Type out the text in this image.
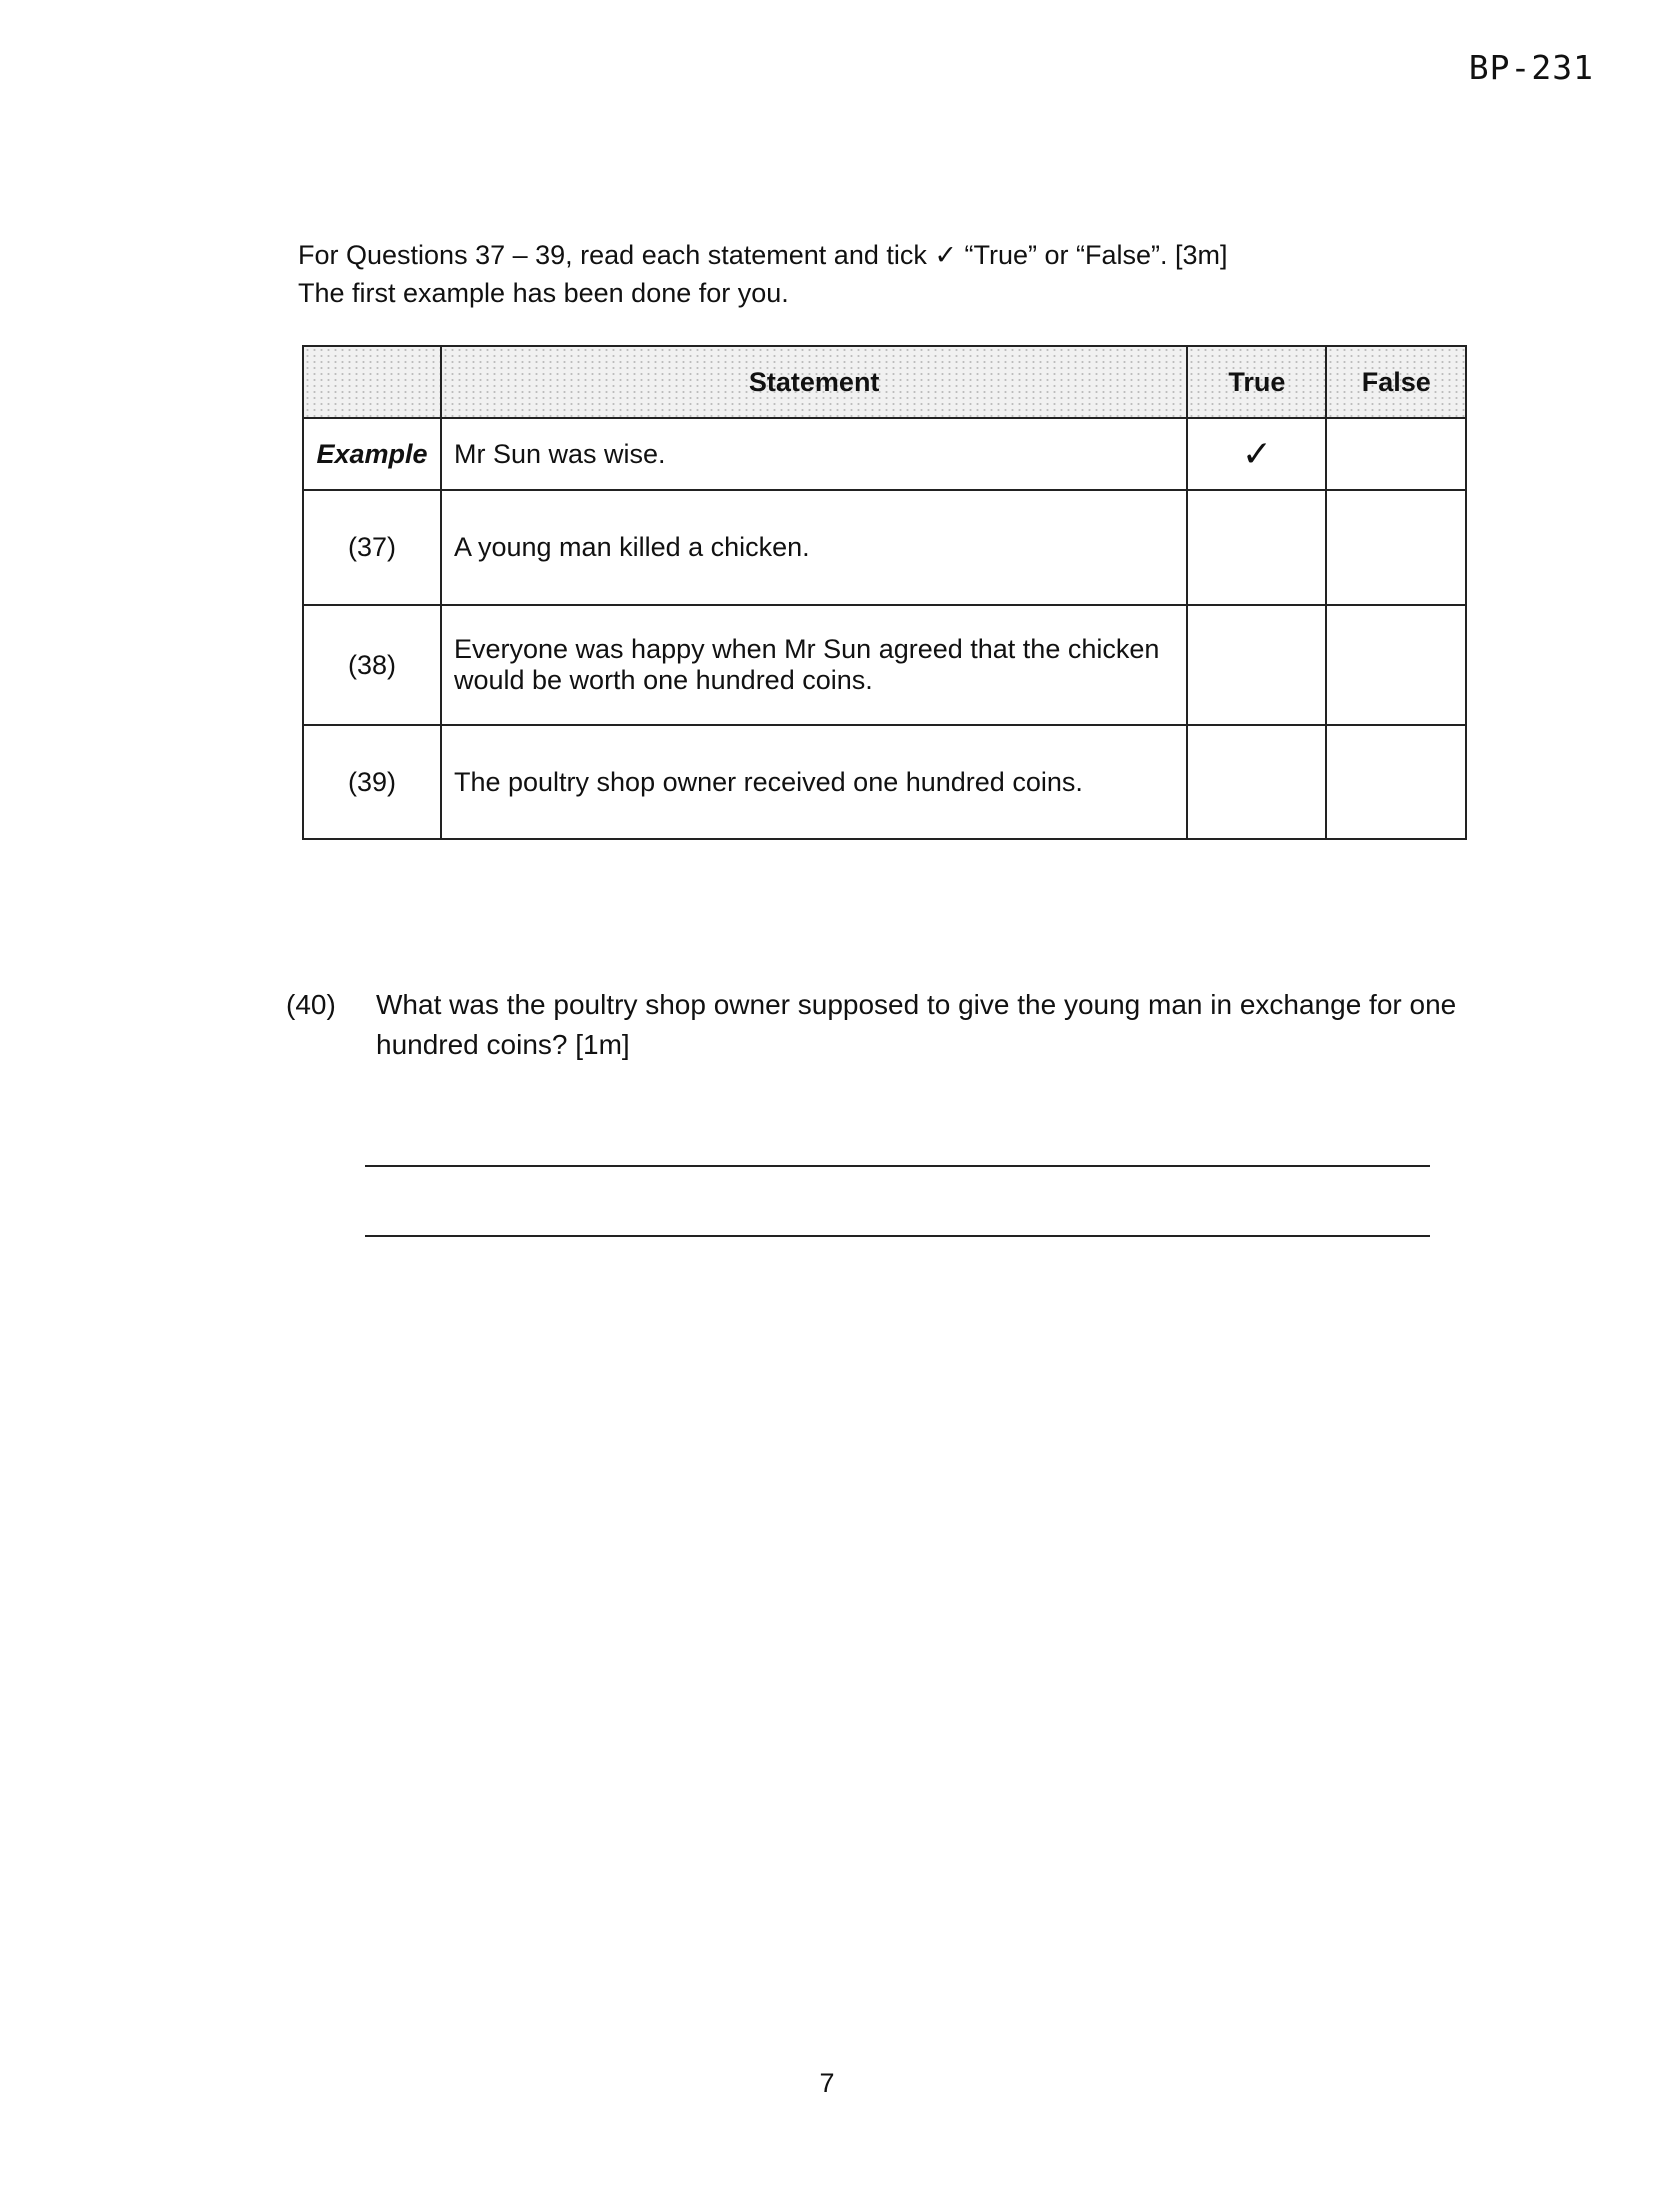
BP-231
For Questions 37 – 39, read each statement and tick ✓ “True” or “False”. [3m]
The first example has been done for you.
	Statement	True	False
Example	Mr Sun was wise.	✓	
(37)	A young man killed a chicken.		
(38)	Everyone was happy when Mr Sun agreed that the chicken would be worth one hundred coins.		
(39)	The poultry shop owner received one hundred coins.		
(40) What was the poultry shop owner supposed to give the young man in exchange for one hundred coins? [1m]
7
